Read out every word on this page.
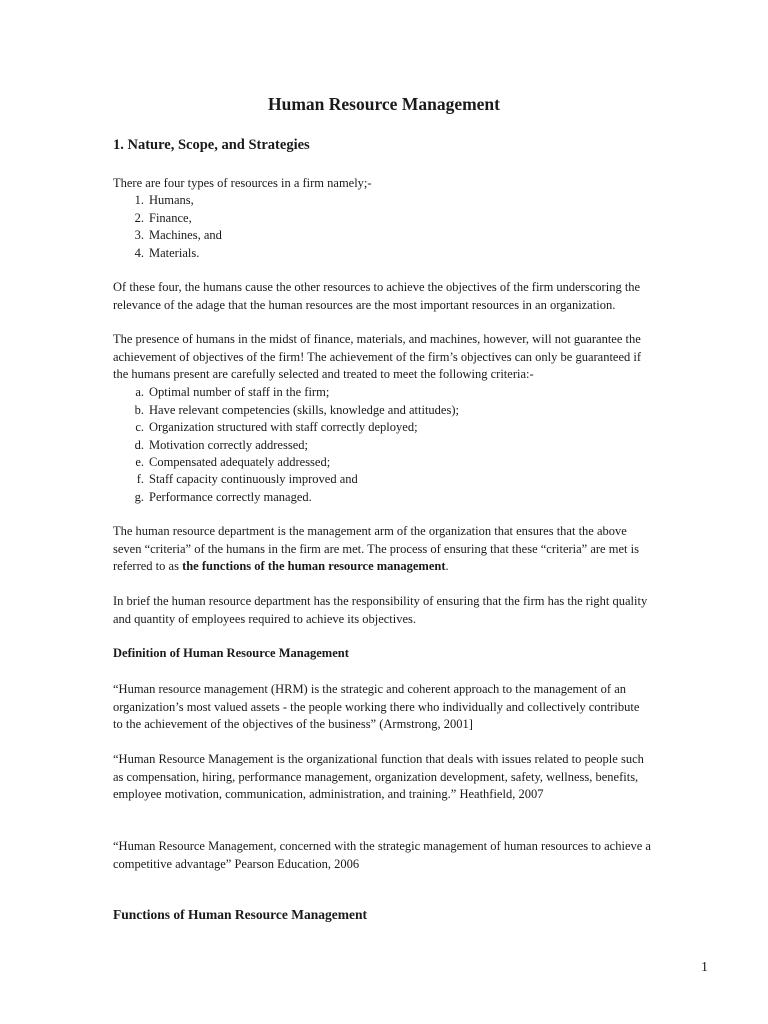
Human Resource Management
1. Nature, Scope, and Strategies
There are four types of resources in a firm namely;-
1. Humans,
2. Finance,
3. Machines, and
4. Materials.

Of these four, the humans cause the other resources to achieve the objectives of the firm underscoring the

relevance of the adage that the human resources are the most important resources in an organization.

The presence of humans in the midst of finance, materials, and machines, however, will not guarantee the

achievement of objectives of the firm! The achievement of the firm’s objectives can only be guaranteed if

the humans present are carefully selected and treated to meet the following criteria:-

a. Optimal number of staff in the firm;
b. Have relevant competencies (skills, knowledge and attitudes);
c. Organization structured with staff correctly deployed;
d. Motivation correctly addressed;
e. Compensated adequately addressed;
f. Staff capacity continuously improved and
g. Performance correctly managed.

The human resource department is the management arm of the organization that ensures that the above

seven “criteria” of the humans in the firm are met. The process of ensuring that these “criteria” are met is

referred to as the functions of the human resource management.

In brief the human resource department has the responsibility of ensuring that the firm has the right quality

and quantity of employees required to achieve its objectives.

Definition of Human Resource Management

“Human resource management (HRM) is the strategic and coherent approach to the management of an

organization’s most valued assets - the people working there who individually and collectively contribute

to the achievement of the objectives of the business” (Armstrong, 2001]

“Human Resource Management is the organizational function that deals with issues related to people such

as compensation, hiring, performance management, organization development, safety, wellness, benefits,

employee motivation, communication, administration, and training.” Heathfield, 2007

“Human Resource Management, concerned with the strategic management of human resources to achieve a

competitive advantage” Pearson Education, 2006

Functions of Human Resource Management
1
